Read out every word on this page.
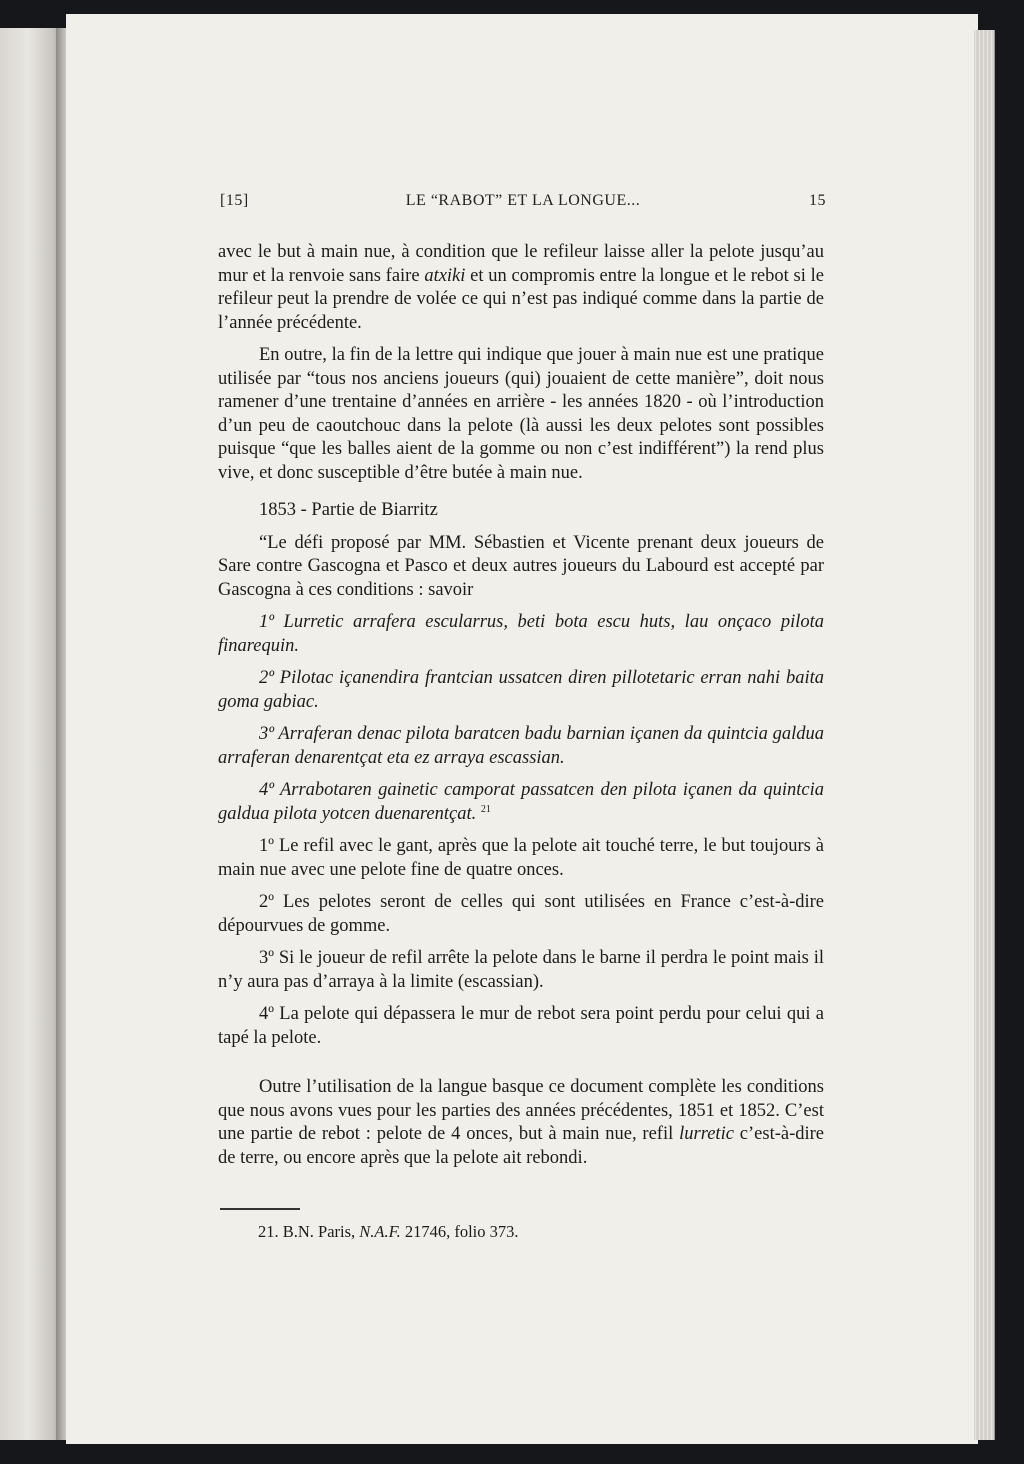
[15]	LE “RABOT” ET LA LONGUE...	15

avec le but à main nue, à condition que le refileur laisse aller la pelote jusqu’au mur et la renvoie sans faire atxiki et un compromis entre la longue et le rebot si le refileur peut la prendre de volée ce qui n’est pas indiqué comme dans la partie de l’année précédente.

En outre, la fin de la lettre qui indique que jouer à main nue est une pratique utilisée par “tous nos anciens joueurs (qui) jouaient de cette manière”, doit nous ramener d’une trentaine d’années en arrière - les années 1820 - où l’introduction d’un peu de caoutchouc dans la pelote (là aussi les deux pelotes sont possibles puisque “que les balles aient de la gomme ou non c’est indifférent”) la rend plus vive, et donc susceptible d’être butée à main nue.

1853 - Partie de Biarritz

“Le défi proposé par MM. Sébastien et Vicente prenant deux joueurs de Sare contre Gascogna et Pasco et deux autres joueurs du Labourd est accepté par Gascogna à ces conditions : savoir

1º Lurretic arrafera escularrus, beti bota escu huts, lau onçaco pilota finarequin.

2º Pilotac içanendira frantcian ussatcen diren pillotetaric erran nahi baita goma gabiac.

3º Arraferan denac pilota baratcen badu barnian içanen da quintcia galdua arraferan denarentçat eta ez arraya escassian.

4º Arrabotaren gainetic camporat passatcen den pilota içanen da quintcia galdua pilota yotcen duenarentçat. $^{21}$

1º Le refil avec le gant, après que la pelote ait touché terre, le but toujours à main nue avec une pelote fine de quatre onces.

2º Les pelotes seront de celles qui sont utilisées en France c’est-à-dire dépourvues de gomme.

3º Si le joueur de refil arrête la pelote dans le barne il perdra le point mais il n’y aura pas d’arraya à la limite (escassian).

4º La pelote qui dépassera le mur de rebot sera point perdu pour celui qui a tapé la pelote.

Outre l’utilisation de la langue basque ce document complète les conditions que nous avons vues pour les parties des années précédentes, 1851 et 1852. C’est une partie de rebot : pelote de 4 onces, but à main nue, refil lurretic c’est-à-dire de terre, ou encore après que la pelote ait rebondi.

21. B.N. Paris, N.A.F. 21746, folio 373.
